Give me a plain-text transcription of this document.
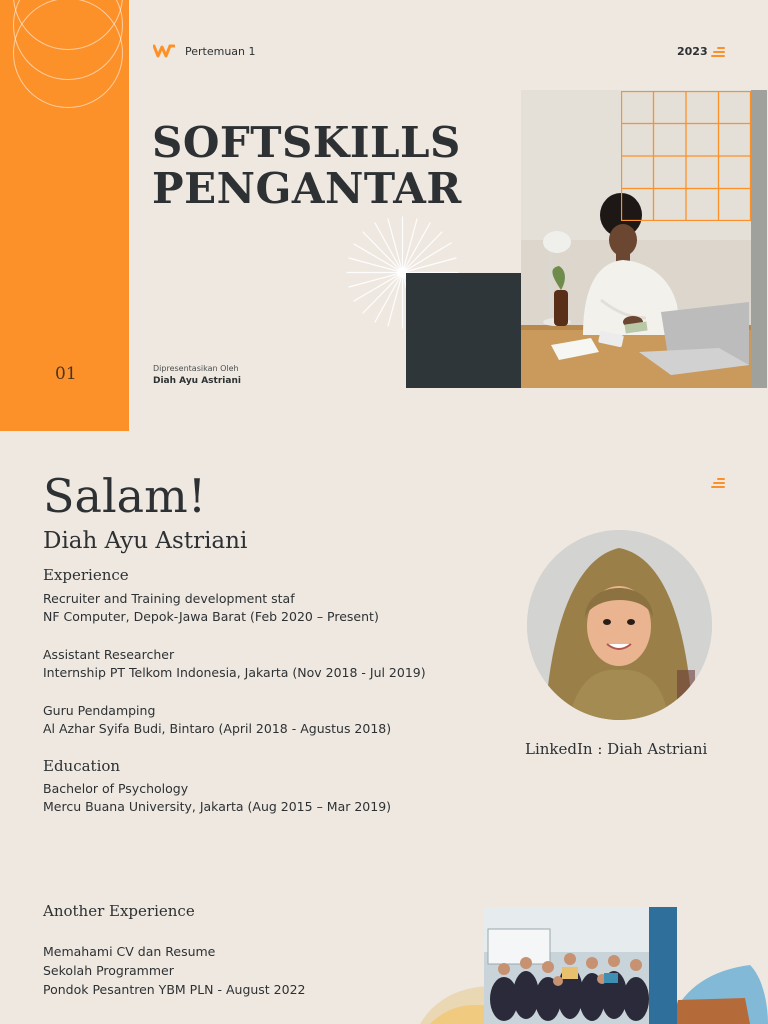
01
Pertemuan 1	2023
SOFTSKILLS
PENGANTAR
Dipresentasikan Oleh
Diah Ayu Astriani
Salam!
Diah Ayu Astriani
Experience
Recruiter and Training development staf
NF Computer, Depok-Jawa Barat (Feb 2020 – Present)
Assistant Researcher
Internship PT Telkom Indonesia, Jakarta (Nov 2018 - Jul 2019)
Guru Pendamping
Al Azhar Syifa Budi, Bintaro (April 2018 - Agustus 2018)
Education
Bachelor of Psychology
Mercu Buana University, Jakarta (Aug 2015 – Mar 2019)
LinkedIn : Diah Astriani
Another Experience
Memahami CV dan Resume
Sekolah Programmer
Pondok Pesantren YBM PLN - August 2022
